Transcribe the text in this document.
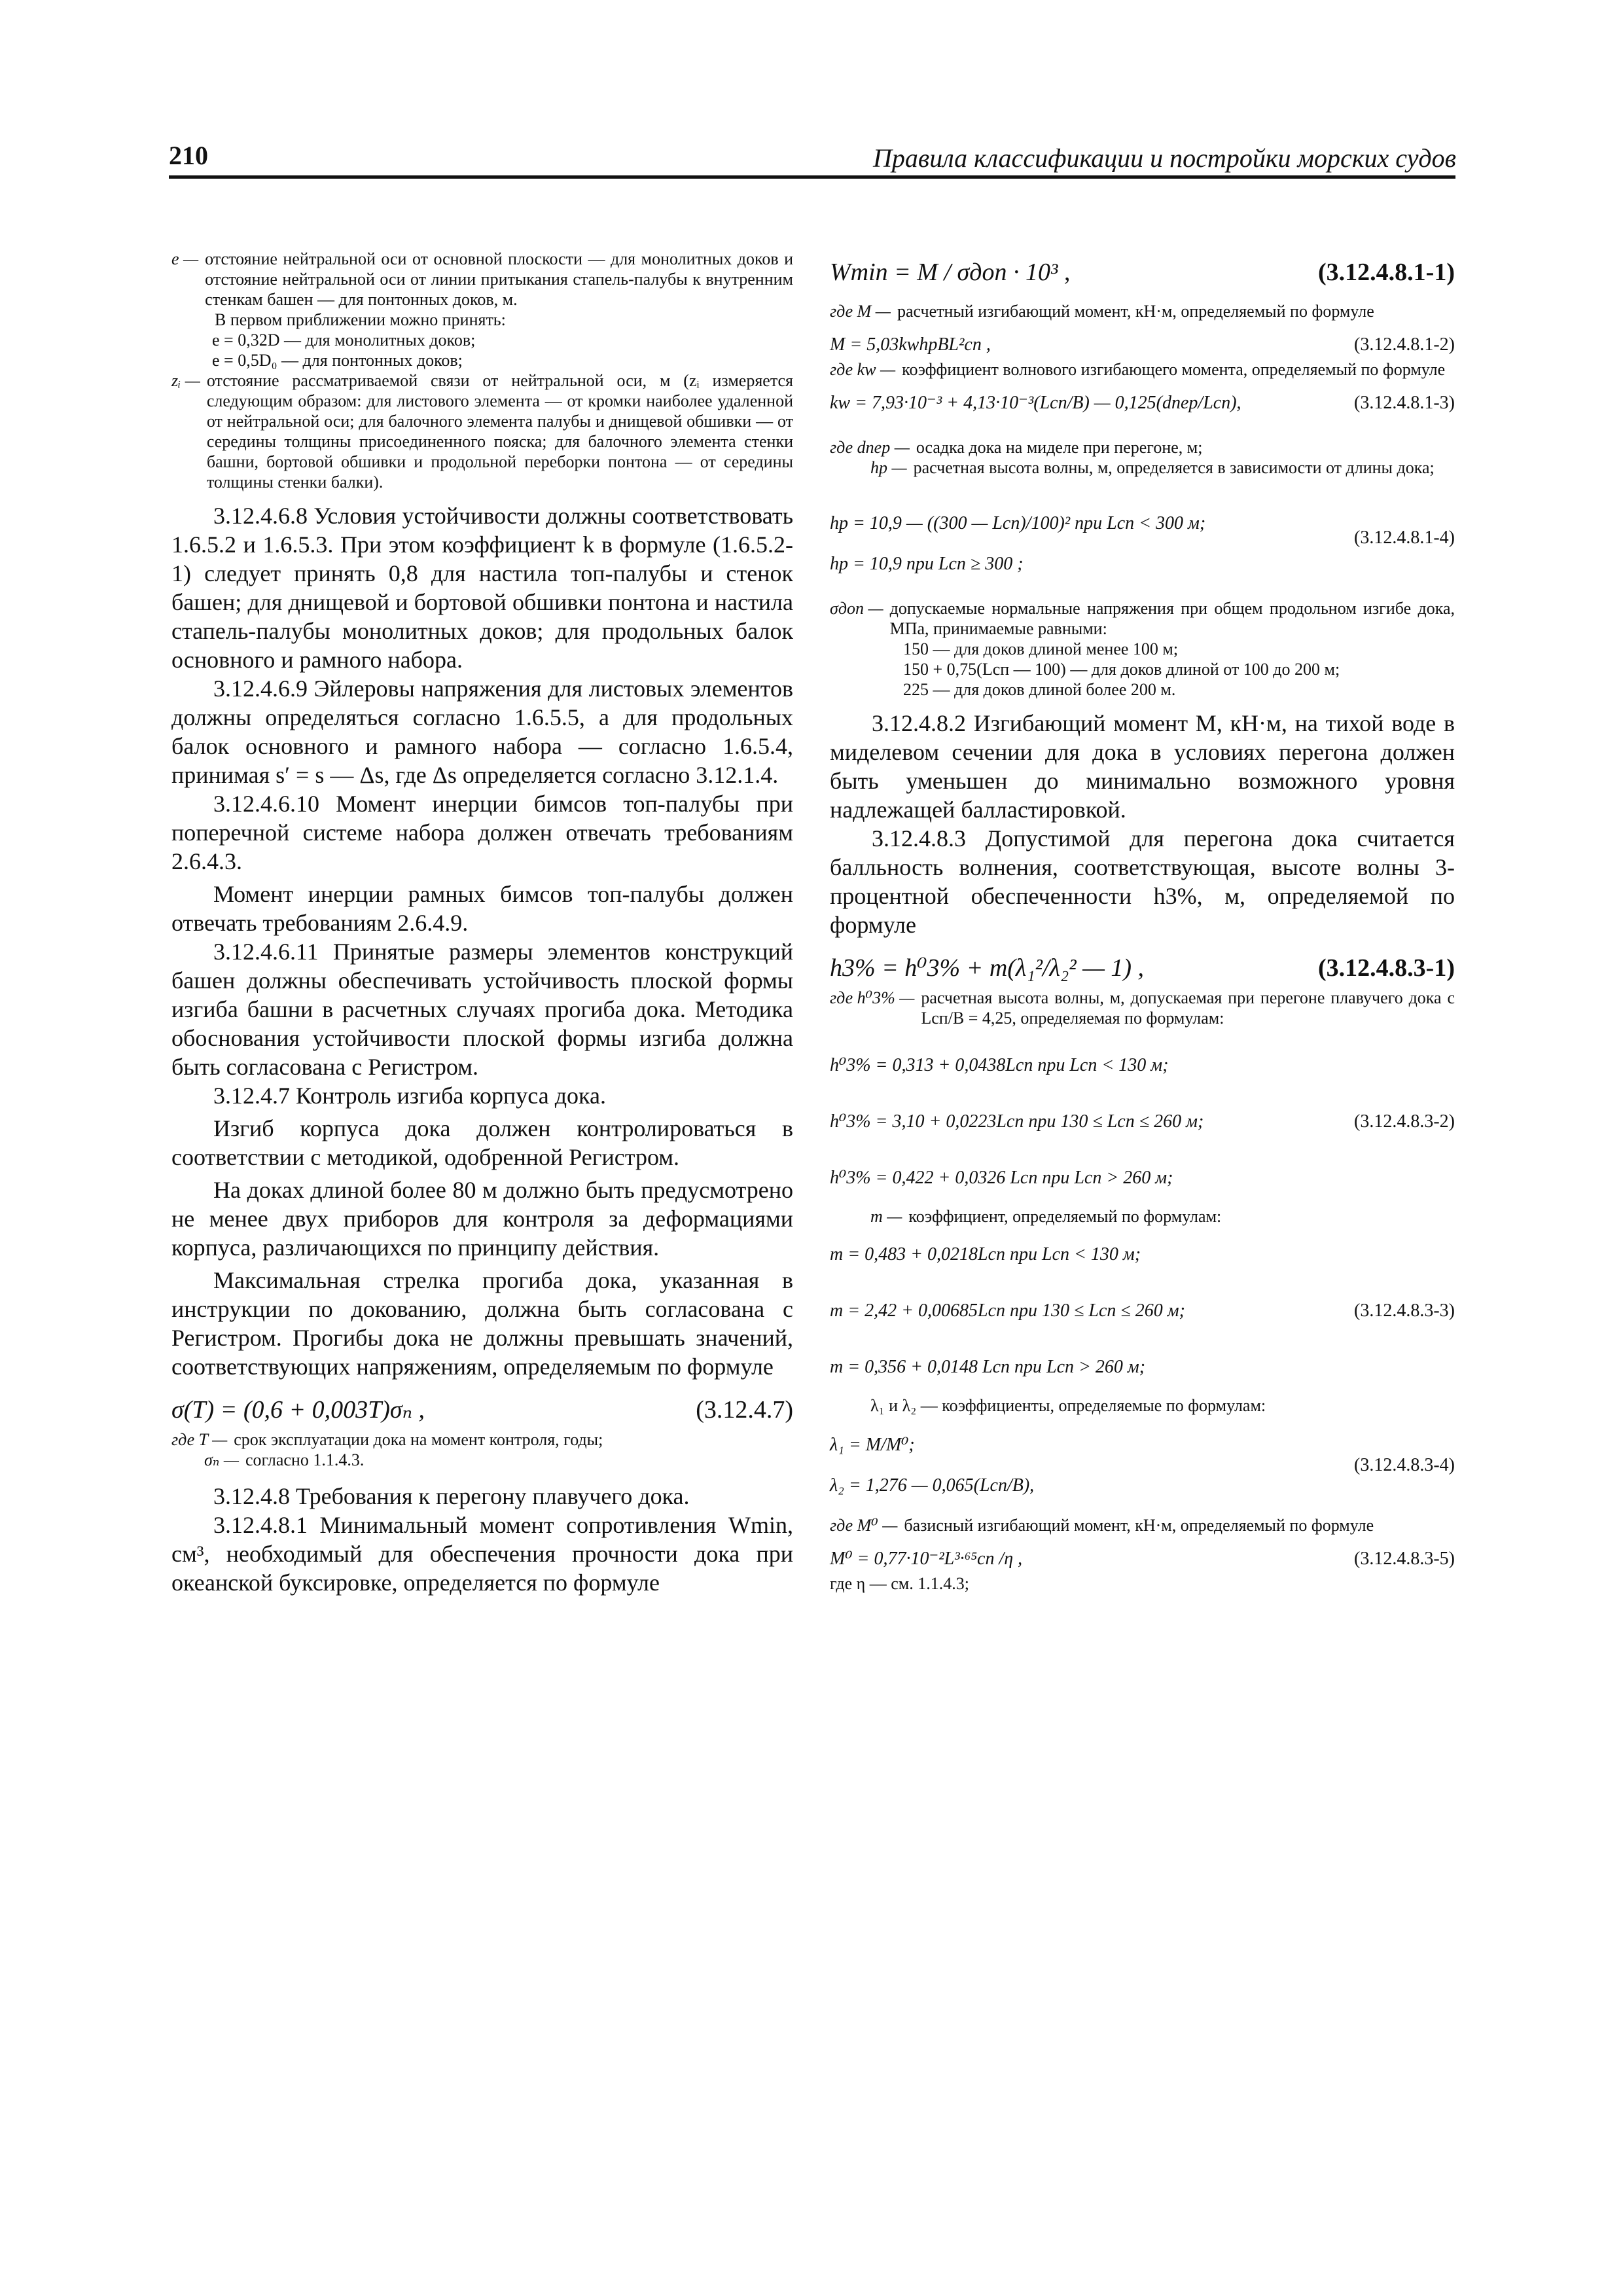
210	Правила классификации и постройки морских судов
e — отстояние нейтральной оси от основной плоскости — для монолитных доков и отстояние нейтральной оси от линии притыкания стапель-палубы к внутренним стенкам башен — для понтонных доков, м.
В первом приближении можно принять:
e = 0,32D — для монолитных доков;
e = 0,5D₀ — для понтонных доков;
zᵢ — отстояние рассматриваемой связи от нейтральной оси, м (zᵢ измеряется следующим образом: для листового элемента — от кромки наиболее удаленной от нейтральной оси; для балочного элемента палубы и днищевой обшивки — от середины толщины присоединенного пояска; для балочного элемента стенки башни, бортовой обшивки и продольной переборки понтона — от середины толщины стенки балки).

3.12.4.6.8 Условия устойчивости должны соответствовать 1.6.5.2 и 1.6.5.3. При этом коэффициент k в формуле (1.6.5.2-1) следует принять 0,8 для настила топ-палубы и стенок башен; для днищевой и бортовой обшивки понтона и настила стапель-палубы монолитных доков; для продольных балок основного и рамного набора.

3.12.4.6.9 Эйлеровы напряжения для листовых элементов должны определяться согласно 1.6.5.5, а для продольных балок основного и рамного набора — согласно 1.6.5.4, принимая s′ = s — Δs, где Δs определяется согласно 3.12.1.4.

3.12.4.6.10 Момент инерции бимсов топ-палубы при поперечной системе набора должен отвечать требованиям 2.6.4.3.

Момент инерции рамных бимсов топ-палубы должен отвечать требованиям 2.6.4.9.

3.12.4.6.11 Принятые размеры элементов конструкций башен должны обеспечивать устойчивость плоской формы изгиба башни в расчетных случаях прогиба дока. Методика обоснования устойчивости плоской формы изгиба должна быть согласована с Регистром.

3.12.4.7 Контроль изгиба корпуса дока.

Изгиб корпуса дока должен контролироваться в соответствии с методикой, одобренной Регистром.

На доках длиной более 80 м должно быть предусмотрено не менее двух приборов для контроля за деформациями корпуса, различающихся по принципу действия.

Максимальная стрелка прогиба дока, указанная в инструкции по докованию, должна быть согласована с Регистром. Прогибы дока не должны превышать значений, соответствующих напряжениям, определяемым по формуле

σ(T) = (0,6 + 0,003T)σₙ ,	(3.12.4.7)
где T — срок эксплуатации дока на момент контроля, годы;
σₙ — согласно 1.1.4.3.

3.12.4.8 Требования к перегону плавучего дока.

3.12.4.8.1 Минимальный момент сопротивления Wmin, см³, необходимый для обеспечения прочности дока при океанской буксировке, определяется по формуле

Wmin = M / σдоп · 10³ ,	(3.12.4.8.1-1)
где M — расчетный изгибающий момент, кН·м, определяемый по формуле
M = 5,03kwhpBL²сп ,	(3.12.4.8.1-2)
где kw — коэффициент волнового изгибающего момента, определяемый по формуле
kw = 7,93·10⁻³ + 4,13·10⁻³(Lсп/B) — 0,125(dпер/Lсп),	(3.12.4.8.1-3)
где dпер — осадка дока на миделе при перегоне, м;
hp — расчетная высота волны, м, определяется в зависимости от длины дока;
hp = 10,9 — ((300 — Lсп)/100)² при Lсп < 300 м;
hp = 10,9 при Lсп ≥ 300 ;
(3.12.4.8.1-4)
σдоп — допускаемые нормальные напряжения при общем продольном изгибе дока, МПа, принимаемые равными:
150 — для доков длиной менее 100 м;
150 + 0,75(Lсп — 100) — для доков длиной от 100 до 200 м;
225 — для доков длиной более 200 м.

3.12.4.8.2 Изгибающий момент M, кН·м, на тихой воде в миделевом сечении для дока в условиях перегона должен быть уменьшен до минимально возможного уровня надлежащей балластировкой.

3.12.4.8.3 Допустимой для перегона дока считается балльность волнения, соответствующая, высоте волны 3-процентной обеспеченности h3%, м, определяемой по формуле

h3% = h⁰3% + m(λ₁²/λ₂² — 1) ,	(3.12.4.8.3-1)
где h⁰3% — расчетная высота волны, м, допускаемая при перегоне плавучего дока с Lсп/B = 4,25, определяемая по формулам:
h⁰3% = 0,313 + 0,0438Lсп при Lсп < 130 м;
h⁰3% = 3,10 + 0,0223Lсп при 130 ≤ Lсп ≤ 260 м;
h⁰3% = 0,422 + 0,0326 Lсп при Lсп > 260 м;
(3.12.4.8.3-2)
m — коэффициент, определяемый по формулам:
m = 0,483 + 0,0218Lсп при Lсп < 130 м;
m = 2,42 + 0,00685Lсп при 130 ≤ Lсп ≤ 260 м;
m = 0,356 + 0,0148 Lсп при Lсп > 260 м;
(3.12.4.8.3-3)
λ₁ и λ₂ — коэффициенты, определяемые по формулам:
λ₁ = M/M⁰;
λ₂ = 1,276 — 0,065(Lсп/B),
(3.12.4.8.3-4)
где M⁰ — базисный изгибающий момент, кН·м, определяемый по формуле
M⁰ = 0,77·10⁻²L³·⁶⁵сп /η ,	(3.12.4.8.3-5)
где η — см. 1.1.4.3;
